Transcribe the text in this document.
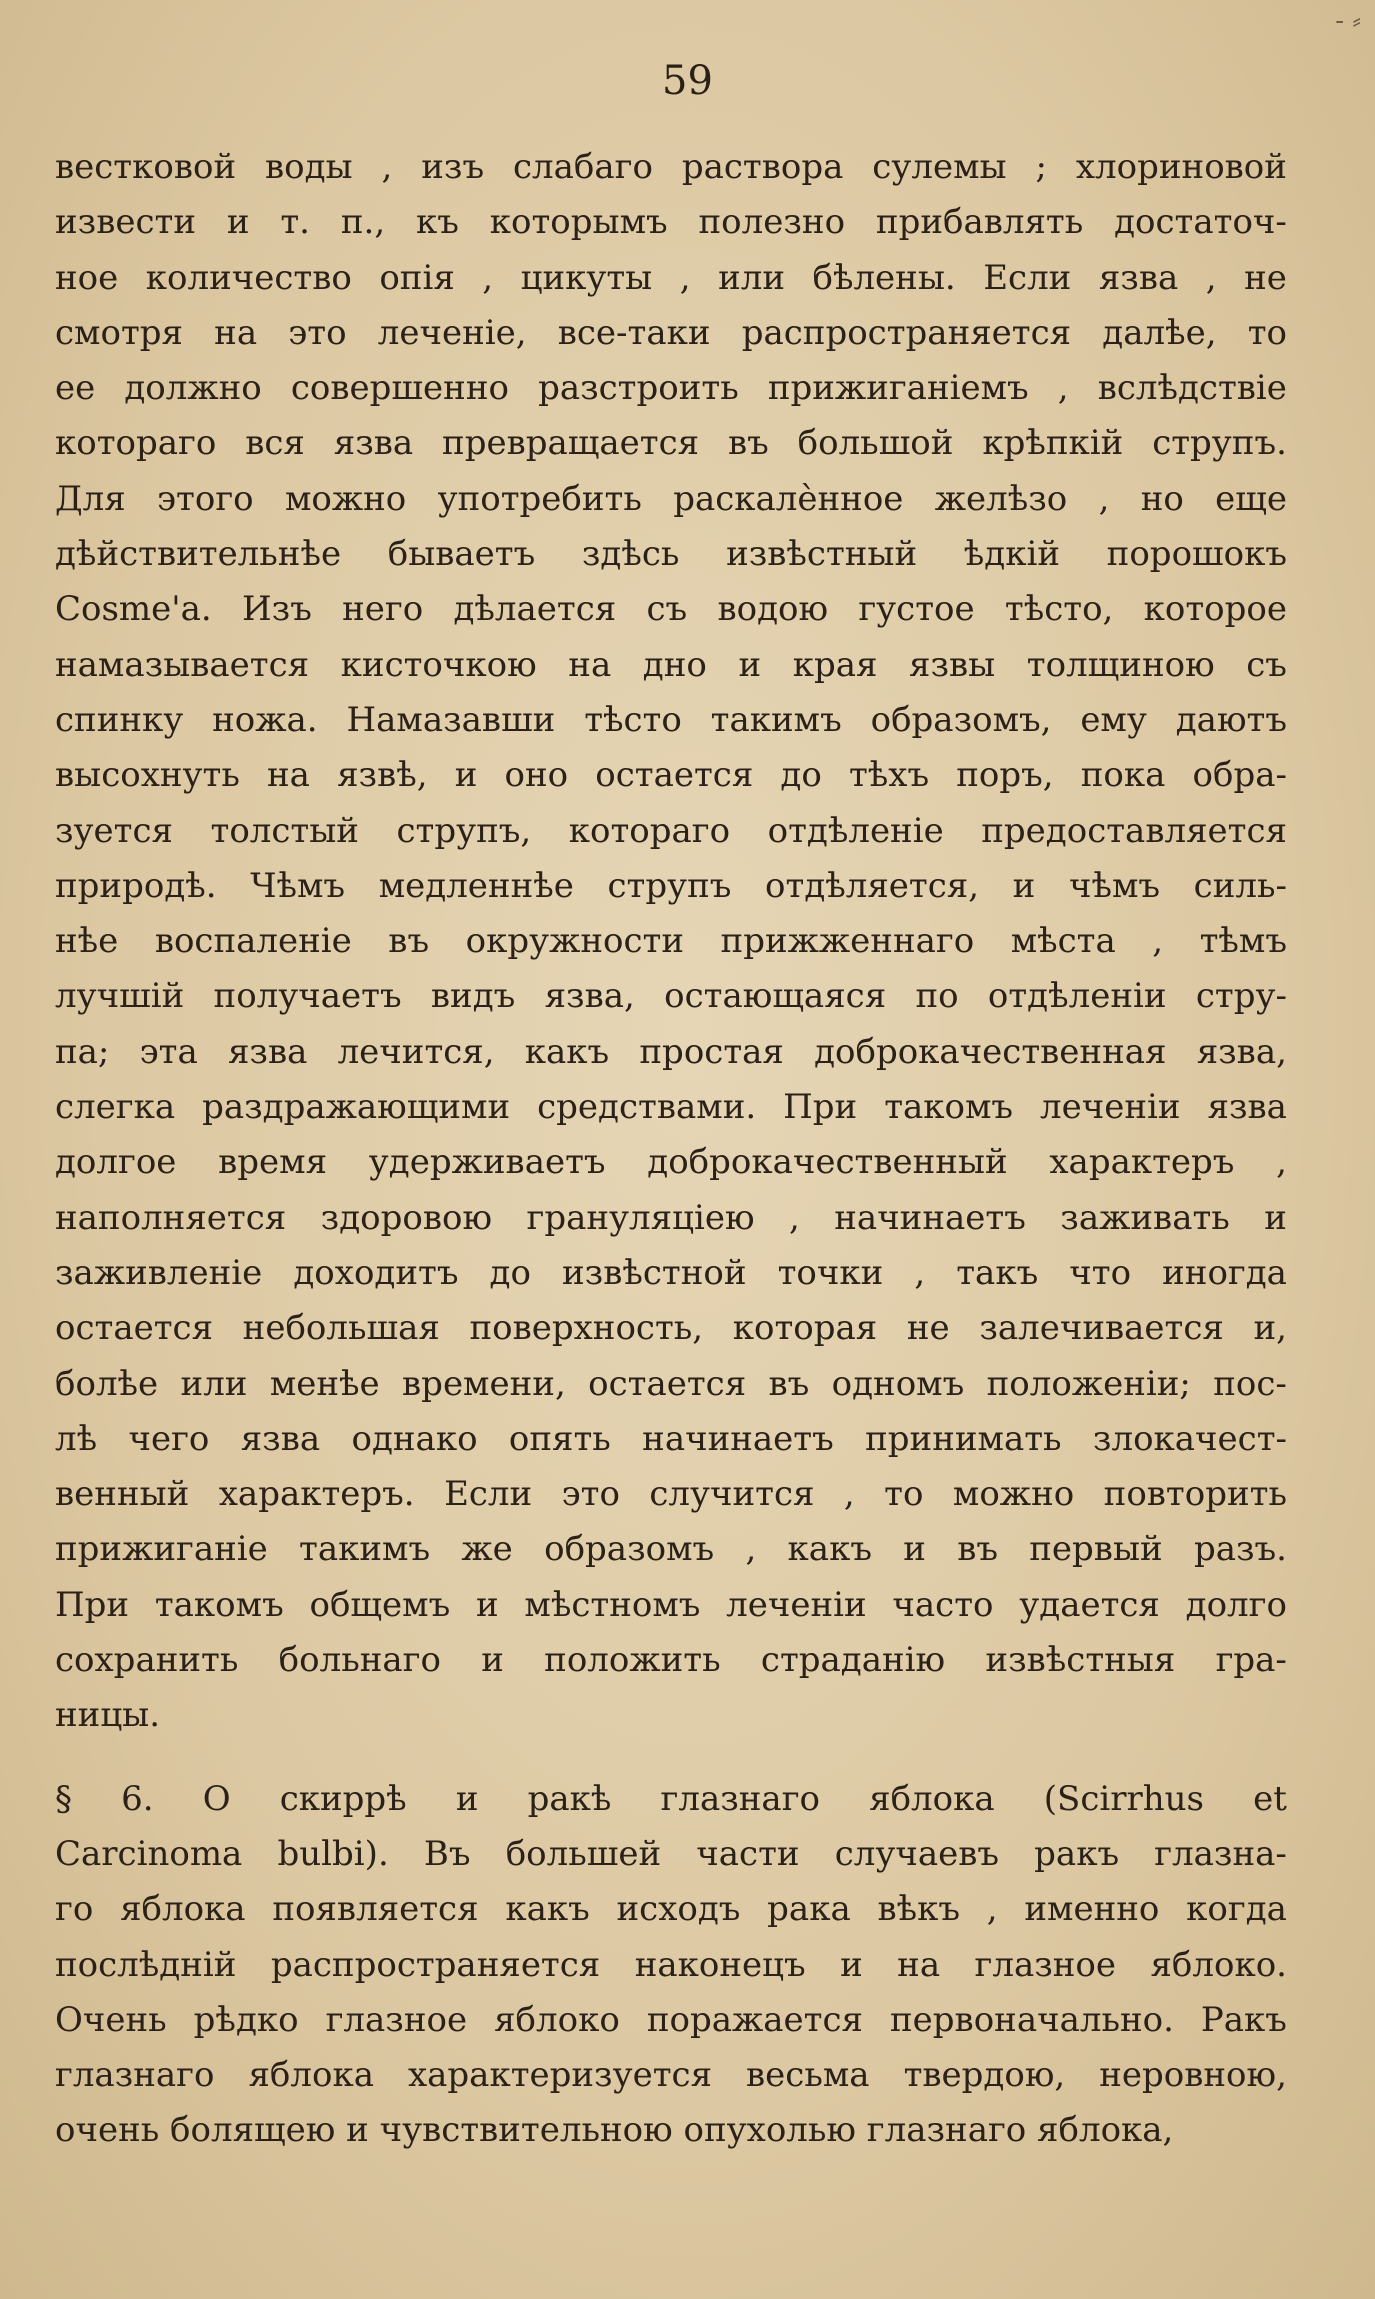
- ⸗
59
вестковой воды , изъ слабаго раствора сулемы ; хлориновой
извести и т. п., къ которымъ полезно прибавлять достаточ-
ное количество опія , цикуты , или бѣлены. Если язва , не
смотря на это леченіе, все-таки распространяется далѣе, то
ее должно совершенно разстроить прижиганіемъ , вслѣдствіе
котораго вся язва превращается въ большой крѣпкій струпъ.
Для этого можно употребить раскалѐнное желѣзо , но еще
дѣйствительнѣе бываетъ здѣсь извѣстный ѣдкій порошокъ
Cosme'a. Изъ него дѣлается съ водою густое тѣсто, которое
намазывается кисточкою на дно и края язвы толщиною съ
спинку ножа. Намазавши тѣсто такимъ образомъ, ему даютъ
высохнуть на язвѣ, и оно остается до тѣхъ поръ, пока обра-
зуется толстый струпъ, котораго отдѣленіе предоставляется
природѣ. Чѣмъ медленнѣе струпъ отдѣляется, и чѣмъ силь-
нѣе воспаленіе въ окружности прижженнаго мѣста , тѣмъ
лучшій получаетъ видъ язва, остающаяся по отдѣленіи стру-
па; эта язва лечится, какъ простая доброкачественная язва,
слегка раздражающими средствами. При такомъ леченіи язва
долгое время удерживаетъ доброкачественный характеръ ,
наполняется здоровою грануляціею , начинаетъ заживать и
заживленіе доходитъ до извѣстной точки , такъ что иногда
остается небольшая поверхность, которая не залечивается и,
болѣе или менѣе времени, остается въ одномъ положеніи; пос-
лѣ чего язва однако опять начинаетъ принимать злокачест-
венный характеръ. Если это случится , то можно повторить
прижиганіе такимъ же образомъ , какъ и въ первый разъ.
При такомъ общемъ и мѣстномъ леченіи часто удается долго
сохранить больнаго и положить страданію извѣстныя гра-
ницы.
§ 6. О скиррѣ и ракѣ глазнаго яблока (Scirrhus et
Carcinoma bulbi). Въ большей части случаевъ ракъ глазна-
го яблока появляется какъ исходъ рака вѣкъ , именно когда
послѣдній распространяется наконецъ и на глазное яблоко.
Очень рѣдко глазное яблоко поражается первоначально. Ракъ
глазнаго яблока характеризуется весьма твердою, неровною,
очень болящею и чувствительною опухолью глазнаго яблока,
